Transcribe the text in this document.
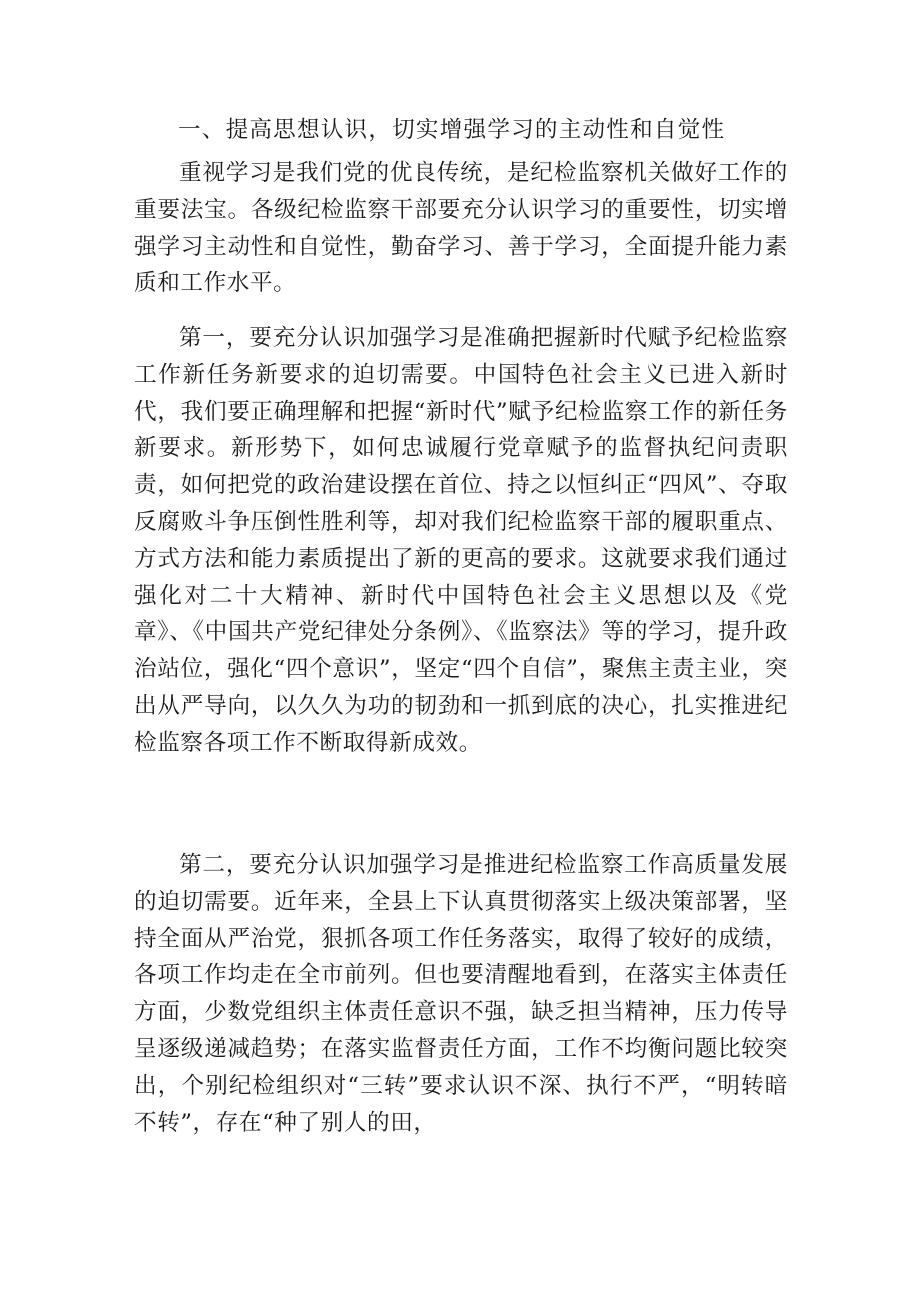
一、提高思想认识，切实增强学习的主动性和自觉性
重视学习是我们党的优良传统，是纪检监察机关做好工作的重要法宝。各级纪检监察干部要充分认识学习的重要性，切实增强学习主动性和自觉性，勤奋学习、善于学习，全面提升能力素质和工作水平。
第一，要充分认识加强学习是准确把握新时代赋予纪检监察工作新任务新要求的迫切需要。中国特色社会主义已进入新时代，我们要正确理解和把握“新时代”赋予纪检监察工作的新任务新要求。新形势下，如何忠诚履行党章赋予的监督执纪问责职责，如何把党的政治建设摆在首位、持之以恒纠正“四风”、夺取反腐败斗争压倒性胜利等，却对我们纪检监察干部的履职重点、方式方法和能力素质提出了新的更高的要求。这就要求我们通过强化对二十大精神、新时代中国特色社会主义思想以及《党章》、《中国共产党纪律处分条例》、《监察法》等的学习，提升政治站位，强化“四个意识”，坚定“四个自信”，聚焦主责主业，突出从严导向，以久久为功的韧劲和一抓到底的决心，扎实推进纪检监察各项工作不断取得新成效。
第二，要充分认识加强学习是推进纪检监察工作高质量发展的迫切需要。近年来，全县上下认真贯彻落实上级决策部署，坚持全面从严治党，狠抓各项工作任务落实，取得了较好的成绩，各项工作均走在全市前列。但也要清醒地看到，在落实主体责任方面，少数党组织主体责任意识不强，缺乏担当精神，压力传导呈逐级递减趋势；在落实监督责任方面，工作不均衡问题比较突出，个别纪检组织对“三转”要求认识不深、执行不严，“明转暗不转”，存在“种了别人的田，
